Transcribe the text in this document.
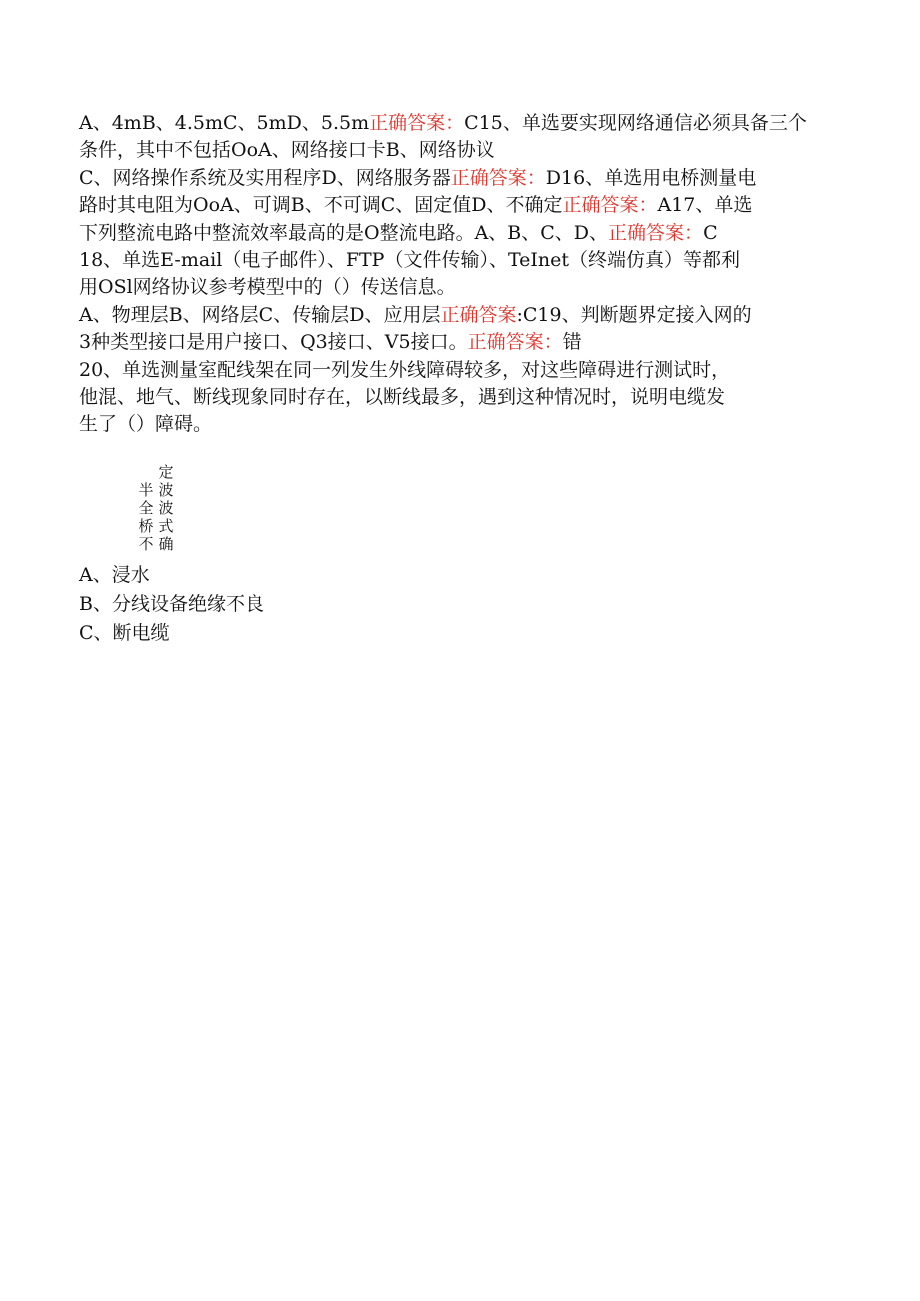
A、4mB、4.5mC、5mD、5.5m正确答案：C15、单选要实现网络通信必须具备三个
条件，其中不包括OoA、网络接口卡B、网络协议
C、网络操作系统及实用程序D、网络服务器正确答案：D16、单选用电桥测量电
路时其电阻为OoA、可调B、不可调C、固定值D、不确定正确答案：A17、单选
下列整流电路中整流效率最高的是O整流电路。A、B、C、D、正确答案：C
18、单选E-mail（电子邮件）、FTP（文件传输）、TeInet（终端仿真）等都利
用OSl网络协议参考模型中的（）传送信息。
A、物理层B、网络层C、传输层D、应用层正确答案:C19、判断题界定接入网的
3种类型接口是用户接口、Q3接口、V5接口。正确答案：错
20、单选测量室配线架在同一列发生外线障碍较多，对这些障碍进行测试时，
他混、地气、断线现象同时存在，以断线最多，遇到这种情况时，说明电缆发
生了（）障碍。
定
半 波
全 波
桥 式
不 确
A、浸水
B、分线设备绝缘不良
C、断电缆
